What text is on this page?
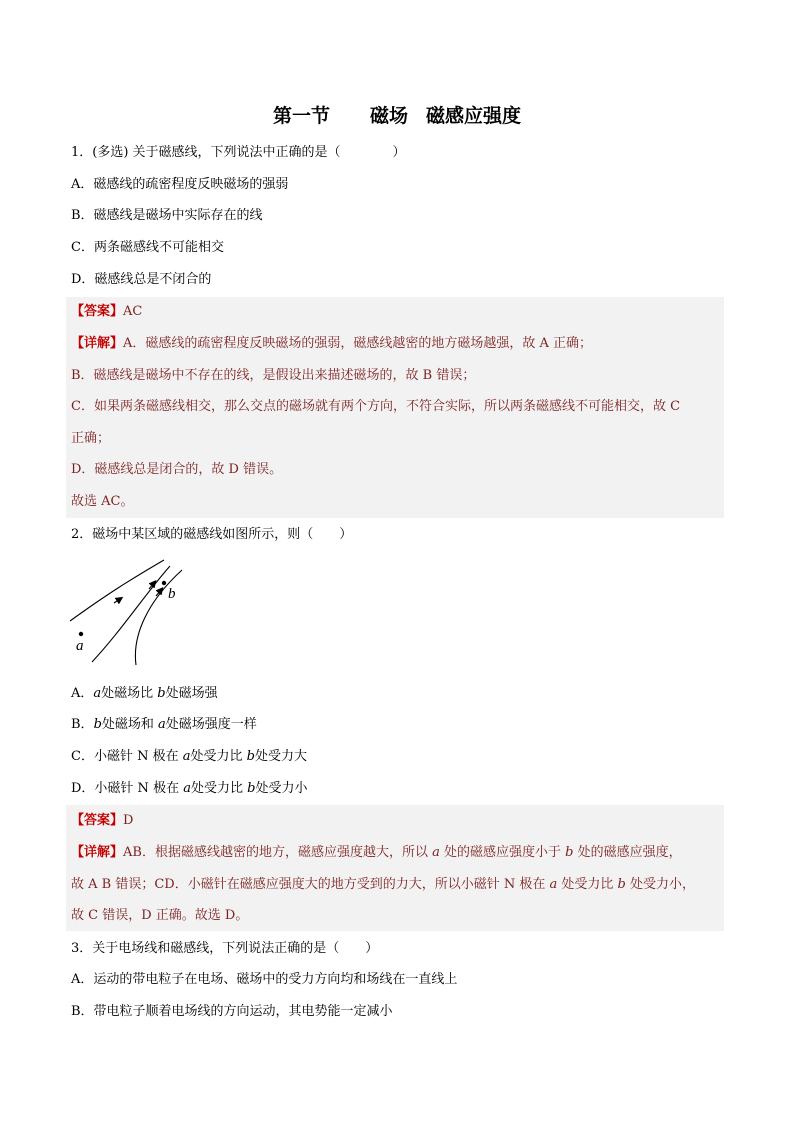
第一节 磁场 磁感应强度
1．(多选) 关于磁感线，下列说法中正确的是（　　　　）
A．磁感线的疏密程度反映磁场的强弱
B．磁感线是磁场中实际存在的线
C．两条磁感线不可能相交
D．磁感线总是不闭合的
【答案】AC
【详解】A．磁感线的疏密程度反映磁场的强弱，磁感线越密的地方磁场越强，故 A 正确；
B．磁感线是磁场中不存在的线，是假设出来描述磁场的，故 B 错误；
C．如果两条磁感线相交，那么交点的磁场就有两个方向，不符合实际，所以两条磁感线不可能相交，故 C
正确；
D．磁感线总是闭合的，故 D 错误。
故选 AC。
2．磁场中某区域的磁感线如图所示，则（　　）
a
b
A．a处磁场比 b处磁场强
B．b处磁场和 a处磁场强度一样
C．小磁针 N 极在 a处受力比 b处受力大
D．小磁针 N 极在 a处受力比 b处受力小
【答案】D
【详解】AB．根据磁感线越密的地方，磁感应强度越大，所以 a 处的磁感应强度小于 b 处的磁感应强度，
故 A B 错误；CD．小磁针在磁感应强度大的地方受到的力大，所以小磁针 N 极在 a 处受力比 b 处受力小，
故 C 错误，D 正确。故选 D。
3．关于电场线和磁感线，下列说法正确的是（　　）
A．运动的带电粒子在电场、磁场中的受力方向均和场线在一直线上
B．带电粒子顺着电场线的方向运动，其电势能一定减小
